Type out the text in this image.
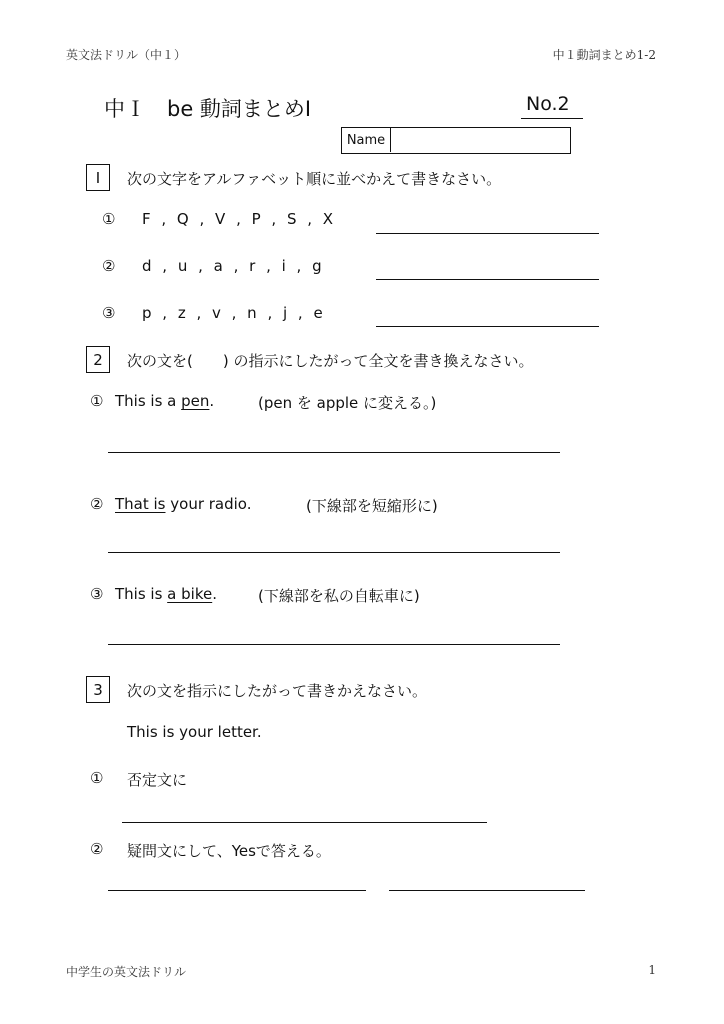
英文法ドリル（中１）	中１動詞まとめ1-2
中Ｉ　be 動詞まとめⅠ	No.2
Name
Ⅰ	次の文字をアルファベット順に並べかえて書きなさい。
① F , Q , V , P , S , X
② d , u , a , r , i , g
③ p , z , v , n , j , e
2	次の文を(　　) の指示にしたがって全文を書き換えなさい。
① This is a pen.	(pen を apple に変える。)
② That is your radio.	(下線部を短縮形に)
③ This is a bike.	(下線部を私の自転車に)
3	次の文を指示にしたがって書きかえなさい。
This is your letter.
① 否定文に
② 疑問文にして、Yesで答える。
中学生の英文法ドリル	1
